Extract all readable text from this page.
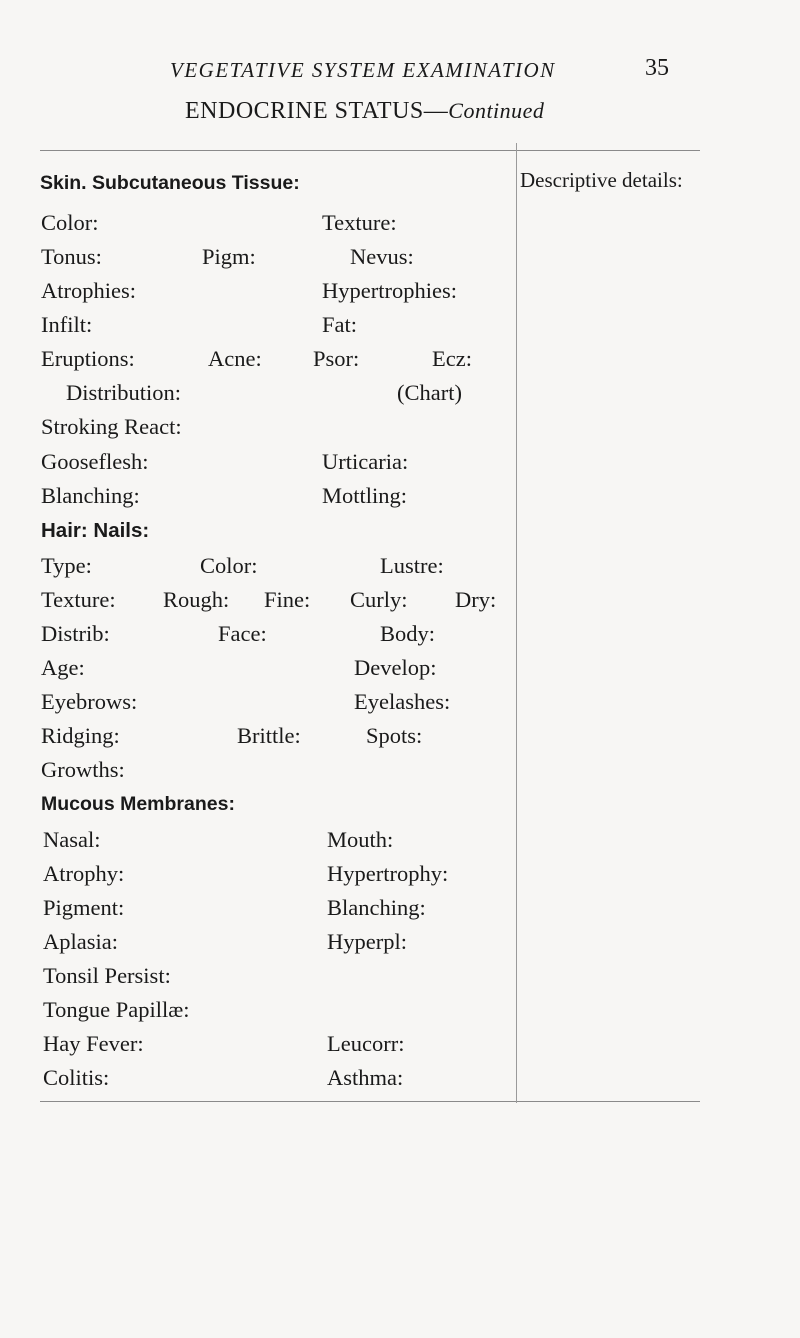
VEGETATIVE SYSTEM EXAMINATION	35
ENDOCRINE STATUS—Continued
Descriptive details:
Skin. Subcutaneous Tissue:
Color:	Texture:
Tonus:	Pigm:	Nevus:
Atrophies:	Hypertrophies:
Infilt:	Fat:
Eruptions:	Acne: Psor:	Ecz:
Distribution:	(Chart)
Stroking React:
Gooseflesh:	Urticaria:
Blanching:	Mottling:
Hair: Nails:
Type:	Color:	Lustre:
Texture: Rough: Fine: Curly: Dry:
Distrib:	Face:	Body:
Age:	Develop:
Eyebrows:	Eyelashes:
Ridging:	Brittle:	Spots:
Growths:
Mucous Membranes:
Nasal:	Mouth:
Atrophy:	Hypertrophy:
Pigment:	Blanching:
Aplasia:	Hyperpl:
Tonsil Persist:
Tongue Papillæ:
Hay Fever:	Leucorr:
Colitis:	Asthma:
